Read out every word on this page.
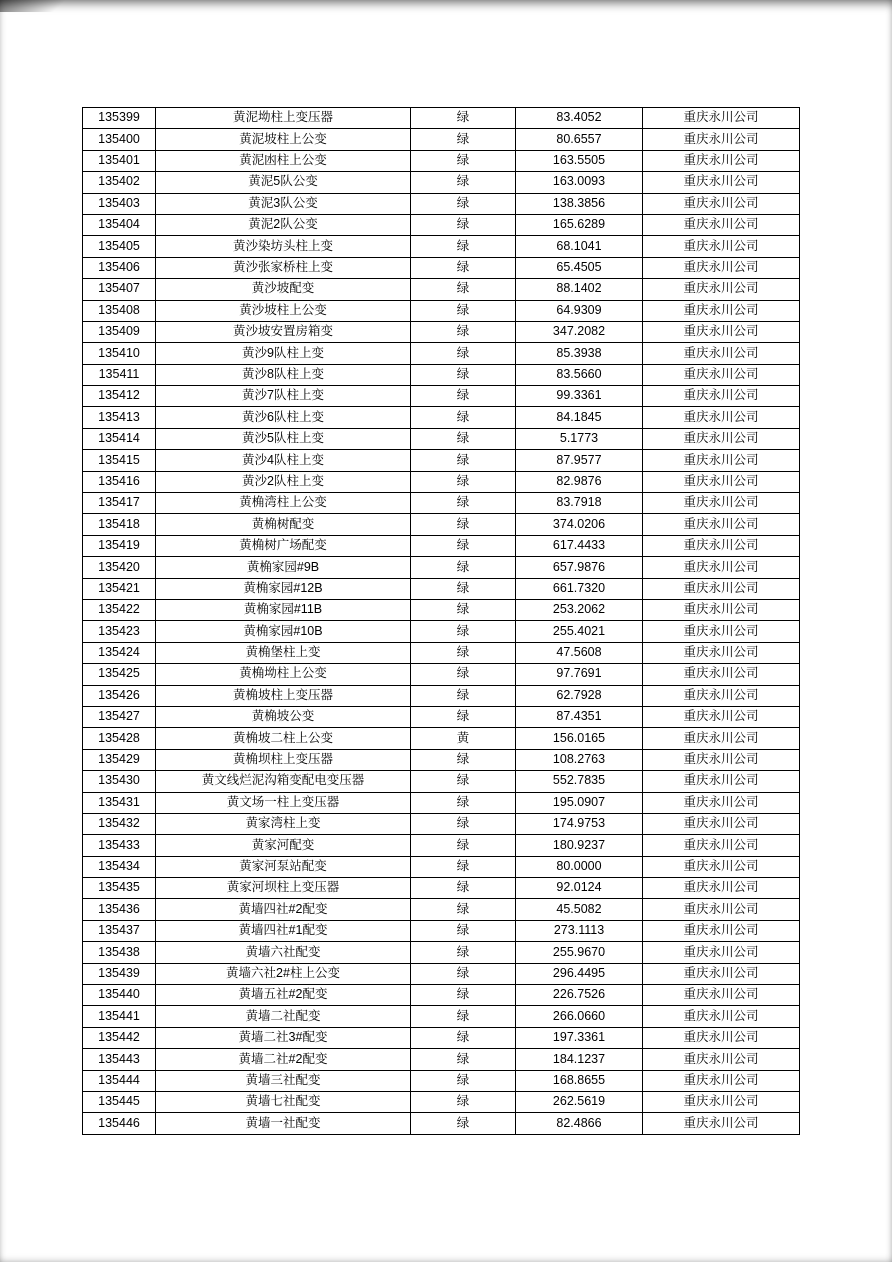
135399	黄泥坳柱上变压器	绿	83.4052	重庆永川公司
135400	黄泥坡柱上公变	绿	80.6557	重庆永川公司
135401	黄泥凼柱上公变	绿	163.5505	重庆永川公司
135402	黄泥5队公变	绿	163.0093	重庆永川公司
135403	黄泥3队公变	绿	138.3856	重庆永川公司
135404	黄泥2队公变	绿	165.6289	重庆永川公司
135405	黄沙染坊头柱上变	绿	68.1041	重庆永川公司
135406	黄沙张家桥柱上变	绿	65.4505	重庆永川公司
135407	黄沙坡配变	绿	88.1402	重庆永川公司
135408	黄沙坡柱上公变	绿	64.9309	重庆永川公司
135409	黄沙坡安置房箱变	绿	347.2082	重庆永川公司
135410	黄沙9队柱上变	绿	85.3938	重庆永川公司
135411	黄沙8队柱上变	绿	83.5660	重庆永川公司
135412	黄沙7队柱上变	绿	99.3361	重庆永川公司
135413	黄沙6队柱上变	绿	84.1845	重庆永川公司
135414	黄沙5队柱上变	绿	5.1773	重庆永川公司
135415	黄沙4队柱上变	绿	87.9577	重庆永川公司
135416	黄沙2队柱上变	绿	82.9876	重庆永川公司
135417	黄桷湾柱上公变	绿	83.7918	重庆永川公司
135418	黄桷树配变	绿	374.0206	重庆永川公司
135419	黄桷树广场配变	绿	617.4433	重庆永川公司
135420	黄桷家园#9B	绿	657.9876	重庆永川公司
135421	黄桷家园#12B	绿	661.7320	重庆永川公司
135422	黄桷家园#11B	绿	253.2062	重庆永川公司
135423	黄桷家园#10B	绿	255.4021	重庆永川公司
135424	黄桷堡柱上变	绿	47.5608	重庆永川公司
135425	黄桷坳柱上公变	绿	97.7691	重庆永川公司
135426	黄桷坡柱上变压器	绿	62.7928	重庆永川公司
135427	黄桷坡公变	绿	87.4351	重庆永川公司
135428	黄桷坡二柱上公变	黄	156.0165	重庆永川公司
135429	黄桷坝柱上变压器	绿	108.2763	重庆永川公司
135430	黄文线烂泥沟箱变配电变压器	绿	552.7835	重庆永川公司
135431	黄文场一柱上变压器	绿	195.0907	重庆永川公司
135432	黄家湾柱上变	绿	174.9753	重庆永川公司
135433	黄家河配变	绿	180.9237	重庆永川公司
135434	黄家河泵站配变	绿	80.0000	重庆永川公司
135435	黄家河坝柱上变压器	绿	92.0124	重庆永川公司
135436	黄墙四社#2配变	绿	45.5082	重庆永川公司
135437	黄墙四社#1配变	绿	273.1113	重庆永川公司
135438	黄墙六社配变	绿	255.9670	重庆永川公司
135439	黄墙六社2#柱上公变	绿	296.4495	重庆永川公司
135440	黄墙五社#2配变	绿	226.7526	重庆永川公司
135441	黄墙二社配变	绿	266.0660	重庆永川公司
135442	黄墙二社3#配变	绿	197.3361	重庆永川公司
135443	黄墙二社#2配变	绿	184.1237	重庆永川公司
135444	黄墙三社配变	绿	168.8655	重庆永川公司
135445	黄墙七社配变	绿	262.5619	重庆永川公司
135446	黄墙一社配变	绿	82.4866	重庆永川公司
